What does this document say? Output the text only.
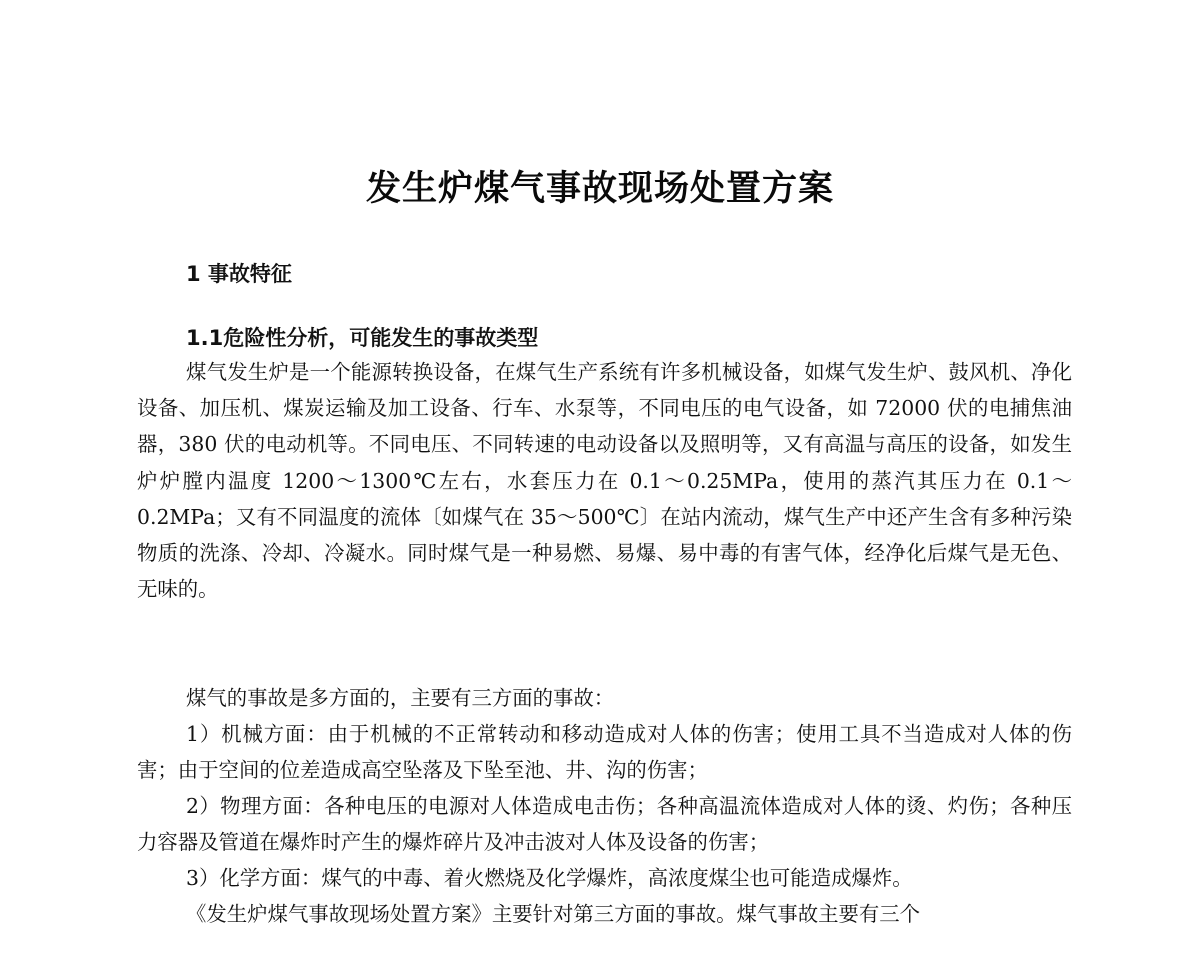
发生炉煤气事故现场处置方案
1 事故特征
1.1危险性分析，可能发生的事故类型

煤气发生炉是一个能源转换设备，在煤气生产系统有许多机械设备，如煤气发生炉、鼓风机、净化设备、加压机、煤炭运输及加工设备、行车、水泵等，不同电压的电气设备，如 72000 伏的电捕焦油器，380 伏的电动机等。不同电压、不同转速的电动设备以及照明等，又有高温与高压的设备，如发生炉炉膛内温度 1200～1300℃左右，水套压力在 0.1～0.25MPa，使用的蒸汽其压力在 0.1～0.2MPa；又有不同温度的流体〔如煤气在 35～500℃〕在站内流动，煤气生产中还产生含有多种污染物质的洗涤、冷却、冷凝水。同时煤气是一种易燃、易爆、易中毒的有害气体，经净化后煤气是无色、无味的。

煤气的事故是多方面的，主要有三方面的事故：

1）机械方面：由于机械的不正常转动和移动造成对人体的伤害；使用工具不当造成对人体的伤害；由于空间的位差造成高空坠落及下坠至池、井、沟的伤害；

2）物理方面：各种电压的电源对人体造成电击伤；各种高温流体造成对人体的烫、灼伤；各种压力容器及管道在爆炸时产生的爆炸碎片及冲击波对人体及设备的伤害；

3）化学方面：煤气的中毒、着火燃烧及化学爆炸，高浓度煤尘也可能造成爆炸。

《发生炉煤气事故现场处置方案》主要针对第三方面的事故。煤气事故主要有三个
